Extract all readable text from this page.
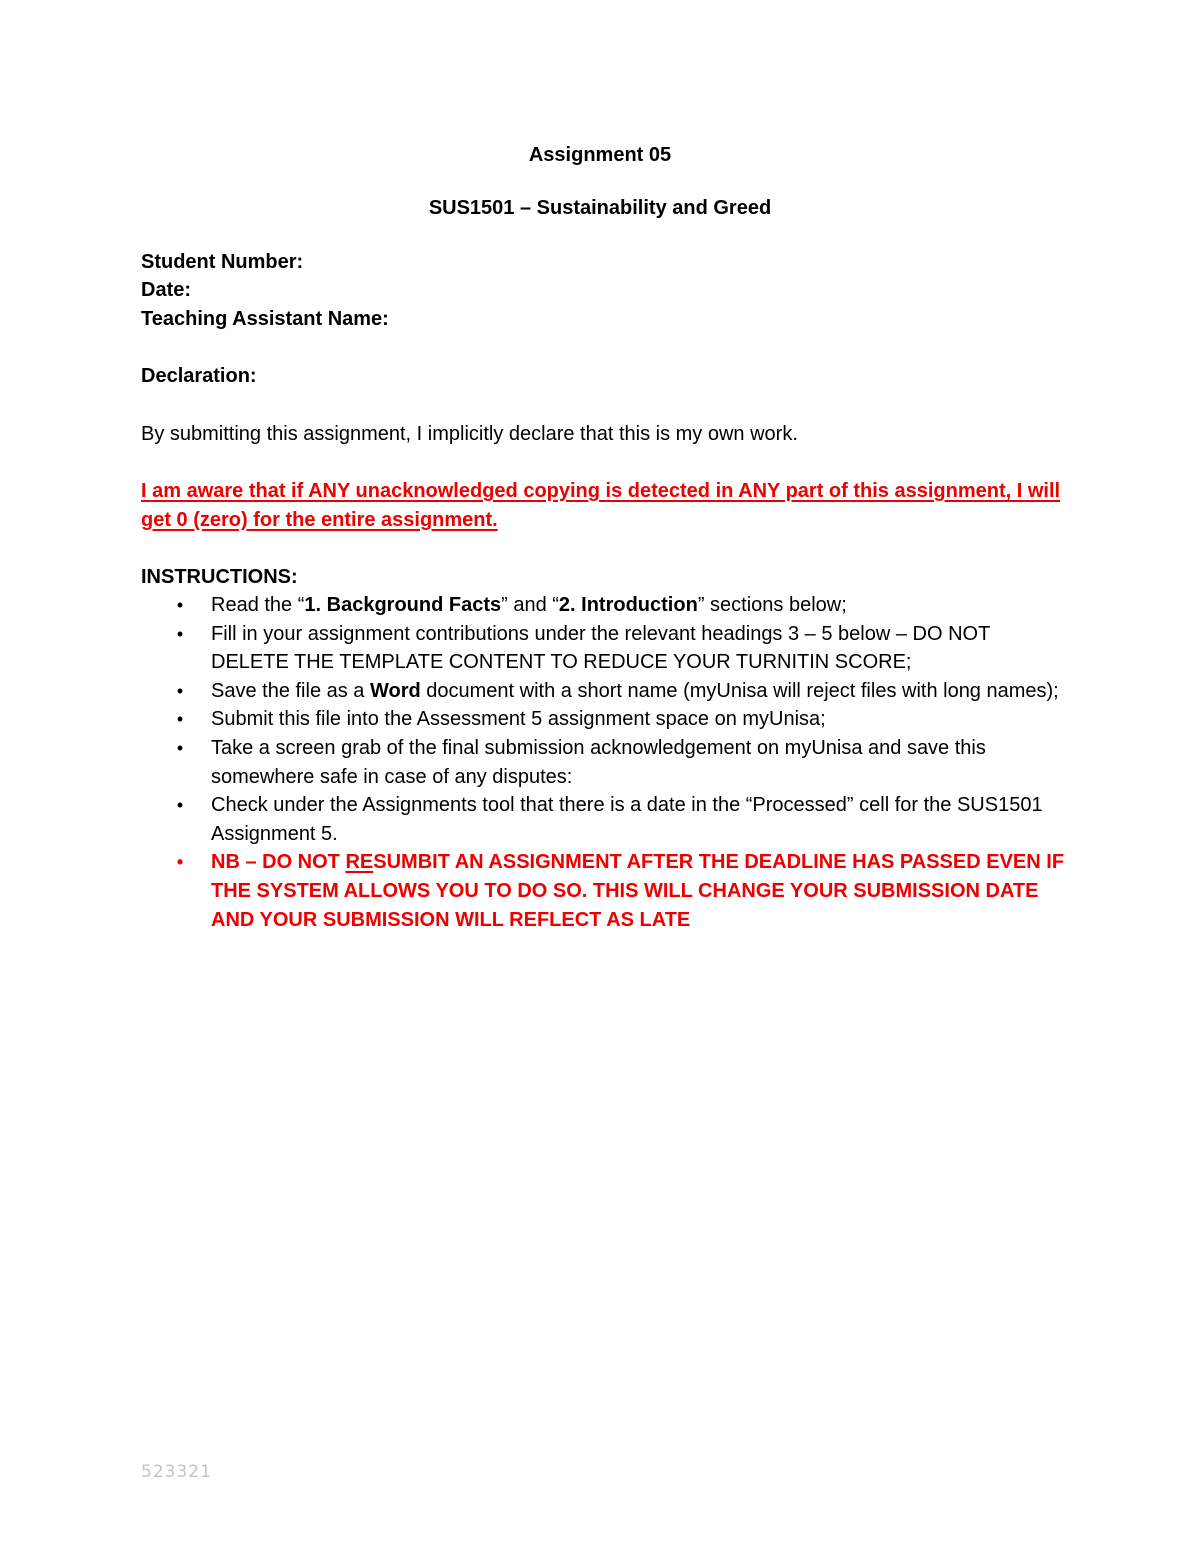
Assignment 05
SUS1501 – Sustainability and Greed
Student Number:
Date:
Teaching Assistant Name:
Declaration:
By submitting this assignment, I implicitly declare that this is my own work.
I am aware that if ANY unacknowledged copying is detected in ANY part of this assignment, I will get 0 (zero) for the entire assignment.
INSTRUCTIONS:
• Read the “1. Background Facts” and “2. Introduction” sections below;
• Fill in your assignment contributions under the relevant headings 3 – 5 below – DO NOT DELETE THE TEMPLATE CONTENT TO REDUCE YOUR TURNITIN SCORE;
• Save the file as a Word document with a short name (myUnisa will reject files with long names);
• Submit this file into the Assessment 5 assignment space on myUnisa;
• Take a screen grab of the final submission acknowledgement on myUnisa and save this somewhere safe in case of any disputes:
• Check under the Assignments tool that there is a date in the “Processed” cell for the SUS1501 Assignment 5.
• NB – DO NOT RESUMBIT AN ASSIGNMENT AFTER THE DEADLINE HAS PASSED EVEN IF THE SYSTEM ALLOWS YOU TO DO SO. THIS WILL CHANGE YOUR SUBMISSION DATE AND YOUR SUBMISSION WILL REFLECT AS LATE
523321
